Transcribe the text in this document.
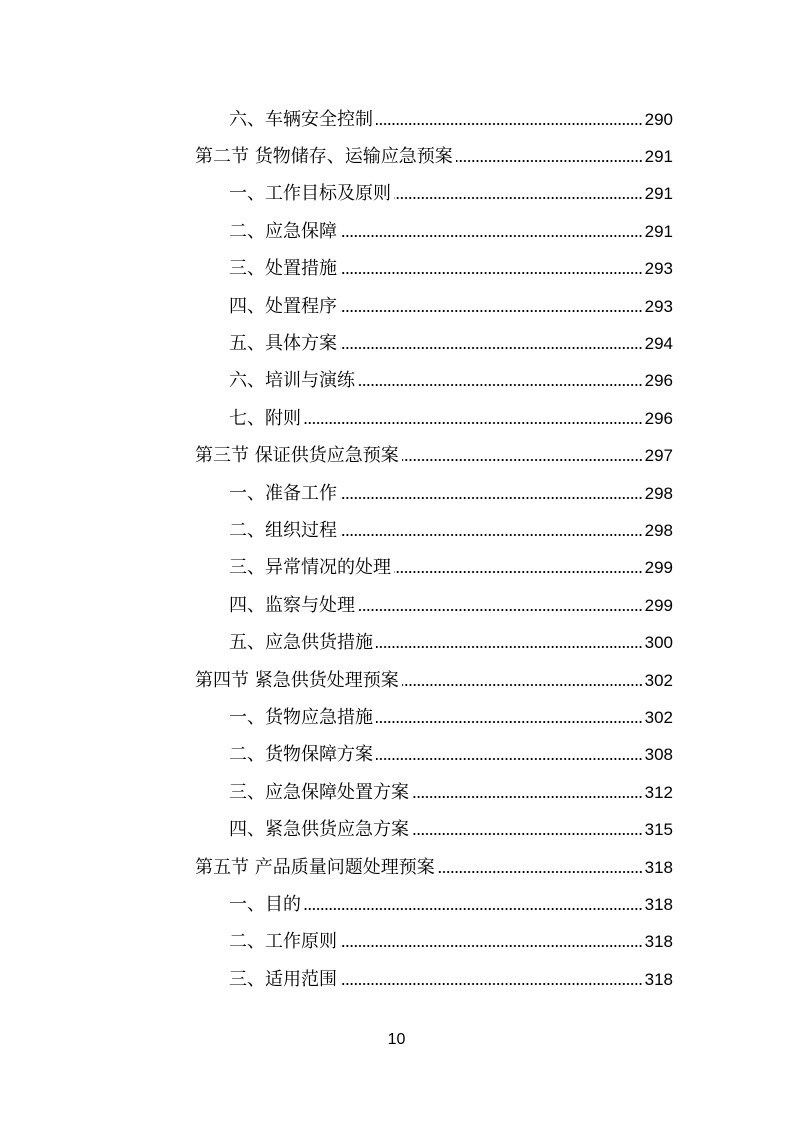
六、车辆安全控制	290
第二节 货物储存、运输应急预案	291
一、工作目标及原则	291
二、应急保障	291
三、处置措施	293
四、处置程序	293
五、具体方案	294
六、培训与演练	296
七、附则	296
第三节 保证供货应急预案	297
一、准备工作	298
二、组织过程	298
三、异常情况的处理	299
四、监察与处理	299
五、应急供货措施	300
第四节 紧急供货处理预案	302
一、货物应急措施	302
二、货物保障方案	308
三、应急保障处置方案	312
四、紧急供货应急方案	315
第五节 产品质量问题处理预案	318
一、目的	318
二、工作原则	318
三、适用范围	318
10
